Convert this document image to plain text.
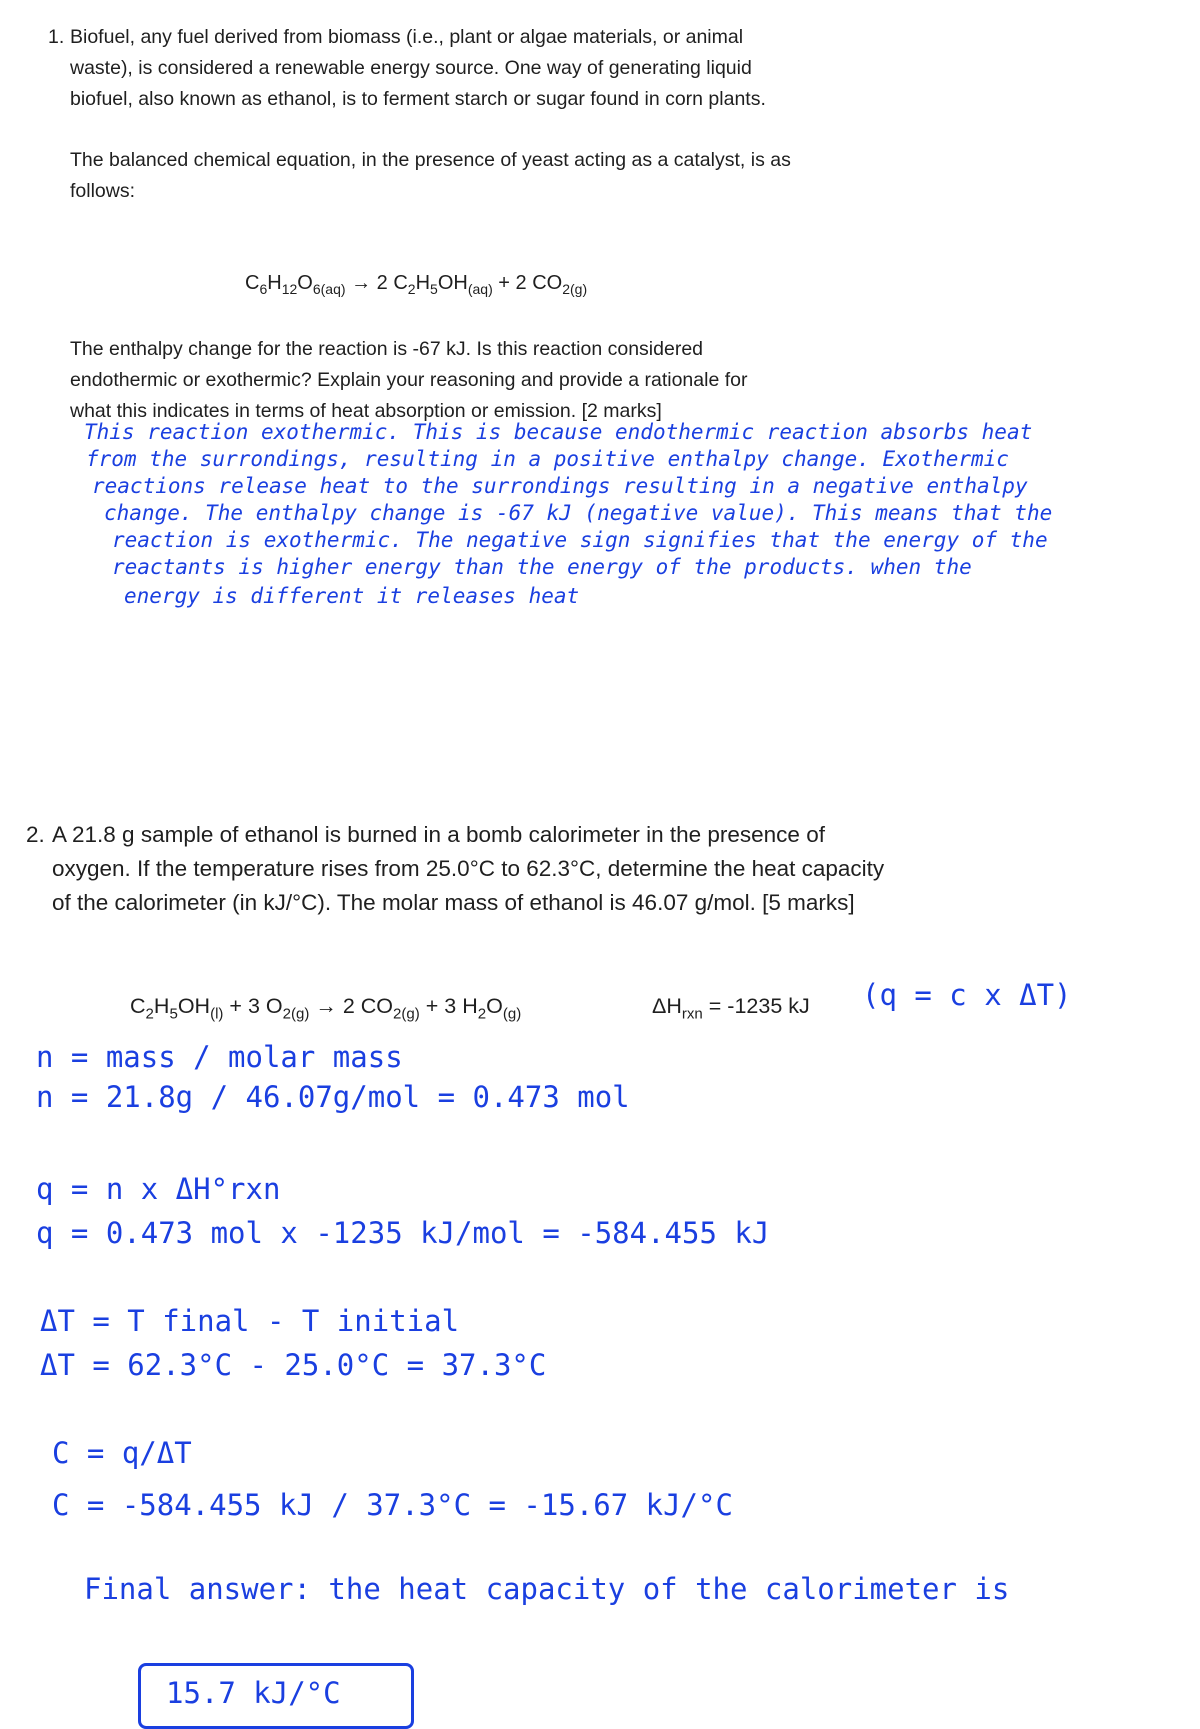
1. Biofuel, any fuel derived from biomass (i.e., plant or algae materials, or animal waste), is considered a renewable energy source. One way of generating liquid biofuel, also known as ethanol, is to ferment starch or sugar found in corn plants.

The balanced chemical equation, in the presence of yeast acting as a catalyst, is as follows:

$C_6H_{12}O_{6(aq)} \to 2$ $C_2H_5OH_{(aq)} + 2$ $CO_{2(g)}$

The enthalpy change for the reaction is -67 kJ. Is this reaction considered endothermic or exothermic? Explain your reasoning and provide a rationale for what this indicates in terms of heat absorption or emission. [2 marks]

This reaction exothermic. This is because endothermic reaction absorbs heat
from the surrondings, resulting in a positive enthalpy change. Exothermic
reactions release heat to the surrondings resulting in a negative enthalpy
change. The enthalpy change is -67 kJ (negative value). This means that the
reaction is exothermic. The negative sign signifies that the energy of the
reactants is higher energy than the energy of the products. when the
energy is different it releases heat
2. A 21.8 g sample of ethanol is burned in a bomb calorimeter in the presence of oxygen. If the temperature rises from 25.0°C to 62.3°C, determine the heat capacity of the calorimeter (in kJ/°C). The molar mass of ethanol is 46.07 g/mol. [5 marks]
$C_2H_5OH_{(l)} + 3$ $O_{2(g)} \to 2$ $CO_{2(g)} + 3$ $H_2O_{(g)}$	$\Delta H_{rxn} = -1235$ kJ (q = c x ΔT)
n = mass / molar mass
n = 21.8g / 46.07g/mol = 0.473 mol
q = n x ΔH°rxn
q = 0.473 mol x -1235 kJ/mol = -584.455 kJ
ΔT = T final - T initial
ΔT = 62.3°C - 25.0°C = 37.3°C
C = q/ΔT
C = -584.455 kJ / 37.3°C = -15.67 kJ/°C
Final answer: the heat capacity of the calorimeter is
15.7 kJ/°C
